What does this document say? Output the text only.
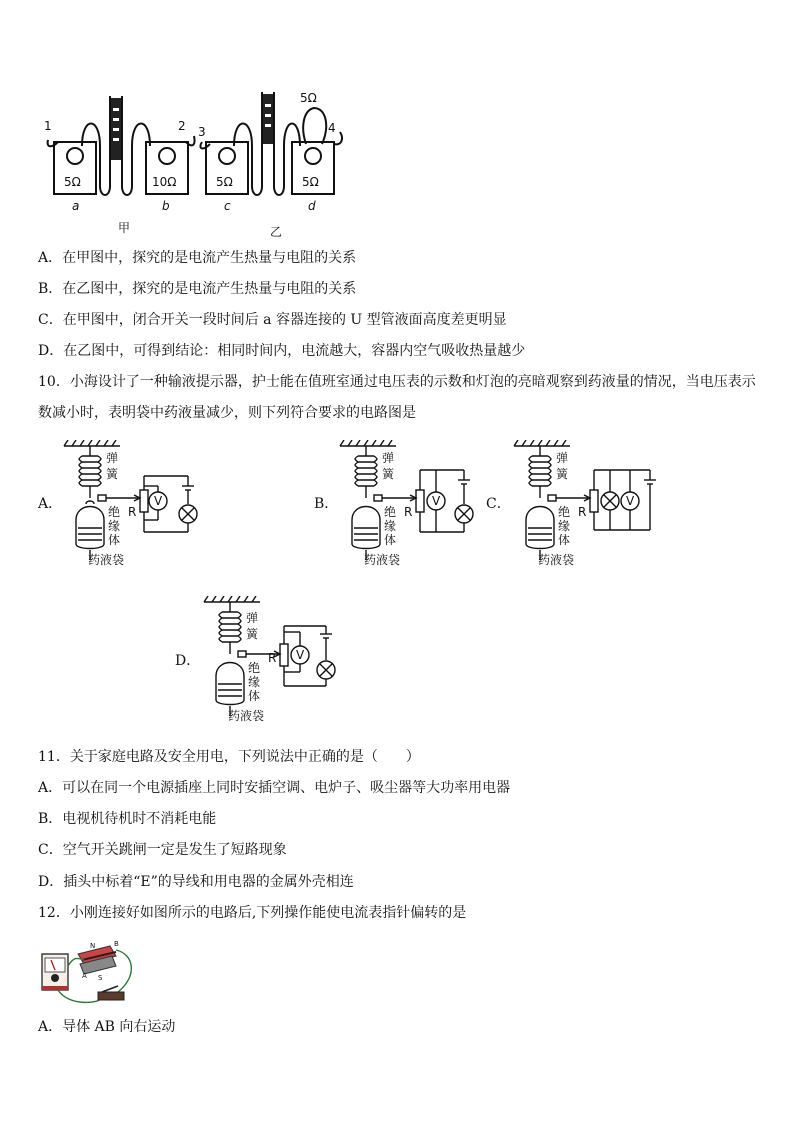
1	2 3	4
5Ω
5Ω	10Ω	5Ω	5Ω
a	b	c	d
甲	乙
A．在甲图中，探究的是电流产生热量与电阻的关系
B．在乙图中，探究的是电流产生热量与电阻的关系
C．在甲图中，闭合开关一段时间后 a 容器连接的 U 型管液面高度差更明显
D．在乙图中，可得到结论：相同时间内，电流越大，容器内空气吸收热量越少
10．小海设计了一种输液提示器，护士能在值班室通过电压表的示数和灯泡的亮暗观察到药液量的情况，当电压表示
数减小时，表明袋中药液量减少，则下列符合要求的电路图是
A．	B．	C．
D．
弹
簧
绝
缘
体
药液袋
R
V
弹
簧
绝
缘
体
药液袋
R
V
弹
簧
绝
缘
体
药液袋
R
V
弹
簧
绝
缘
体
药液袋
R V
11．关于家庭电路及安全用电，下列说法中正确的是（　　）
A．可以在同一个电源插座上同时安插空调、电炉子、吸尘器等大功率用电器
B．电视机待机时不消耗电能
C．空气开关跳闸一定是发生了短路现象
D．插头中标着“E”的导线和用电器的金属外壳相连
12．小刚连接好如图所示的电路后,下列操作能使电流表指针偏转的是
N
S
A
B
A．导体 AB 向右运动
